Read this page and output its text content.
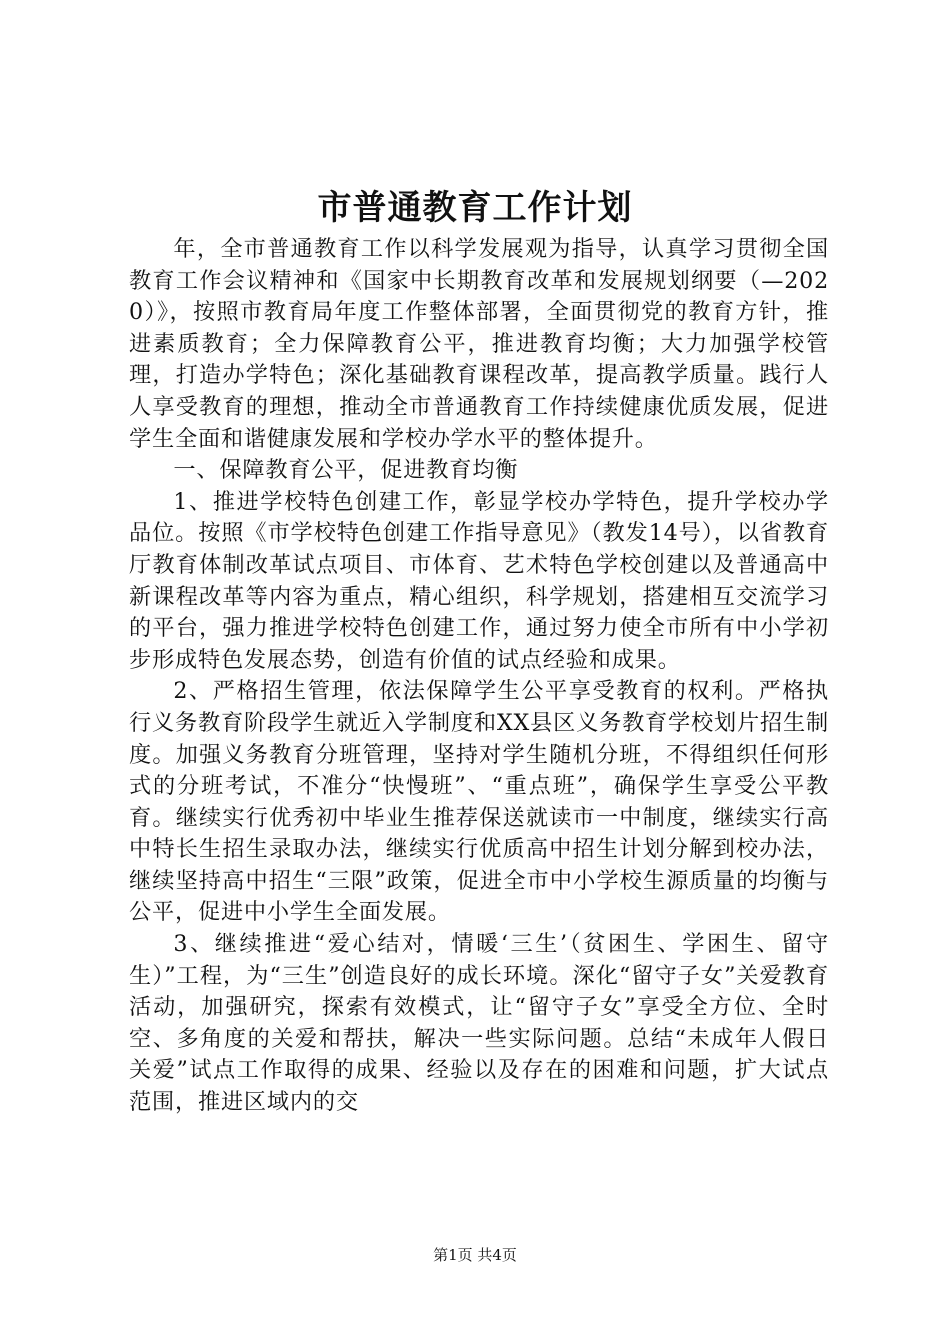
市普通教育工作计划

年，全市普通教育工作以科学发展观为指导，认真学习贯彻全国教育工作会议精神和《国家中长期教育改革和发展规划纲要（—2020）》，按照市教育局年度工作整体部署，全面贯彻党的教育方针，推进素质教育；全力保障教育公平，推进教育均衡；大力加强学校管理，打造办学特色；深化基础教育课程改革，提高教学质量。践行人人享受教育的理想，推动全市普通教育工作持续健康优质发展，促进学生全面和谐健康发展和学校办学水平的整体提升。

一、保障教育公平，促进教育均衡

1、推进学校特色创建工作，彰显学校办学特色，提升学校办学品位。按照《市学校特色创建工作指导意见》（教发14号），以省教育厅教育体制改革试点项目、市体育、艺术特色学校创建以及普通高中新课程改革等内容为重点，精心组织，科学规划，搭建相互交流学习的平台，强力推进学校特色创建工作，通过努力使全市所有中小学初步形成特色发展态势，创造有价值的试点经验和成果。

2、严格招生管理，依法保障学生公平享受教育的权利。严格执行义务教育阶段学生就近入学制度和XX县区义务教育学校划片招生制度。加强义务教育分班管理，坚持对学生随机分班，不得组织任何形式的分班考试，不准分“快慢班”、“重点班”，确保学生享受公平教育。继续实行优秀初中毕业生推荐保送就读市一中制度，继续实行高中特长生招生录取办法，继续实行优质高中招生计划分解到校办法，继续坚持高中招生“三限”政策，促进全市中小学校生源质量的均衡与公平，促进中小学生全面发展。

3、继续推进“爱心结对，情暖‘三生’（贫困生、学困生、留守生）”工程，为“三生”创造良好的成长环境。深化“留守子女”关爱教育活动，加强研究，探索有效模式，让“留守子女”享受全方位、全时空、多角度的关爱和帮扶，解决一些实际问题。总结“未成年人假日关爱”试点工作取得的成果、经验以及存在的困难和问题，扩大试点范围，推进区域内的交

第1页 共4页
